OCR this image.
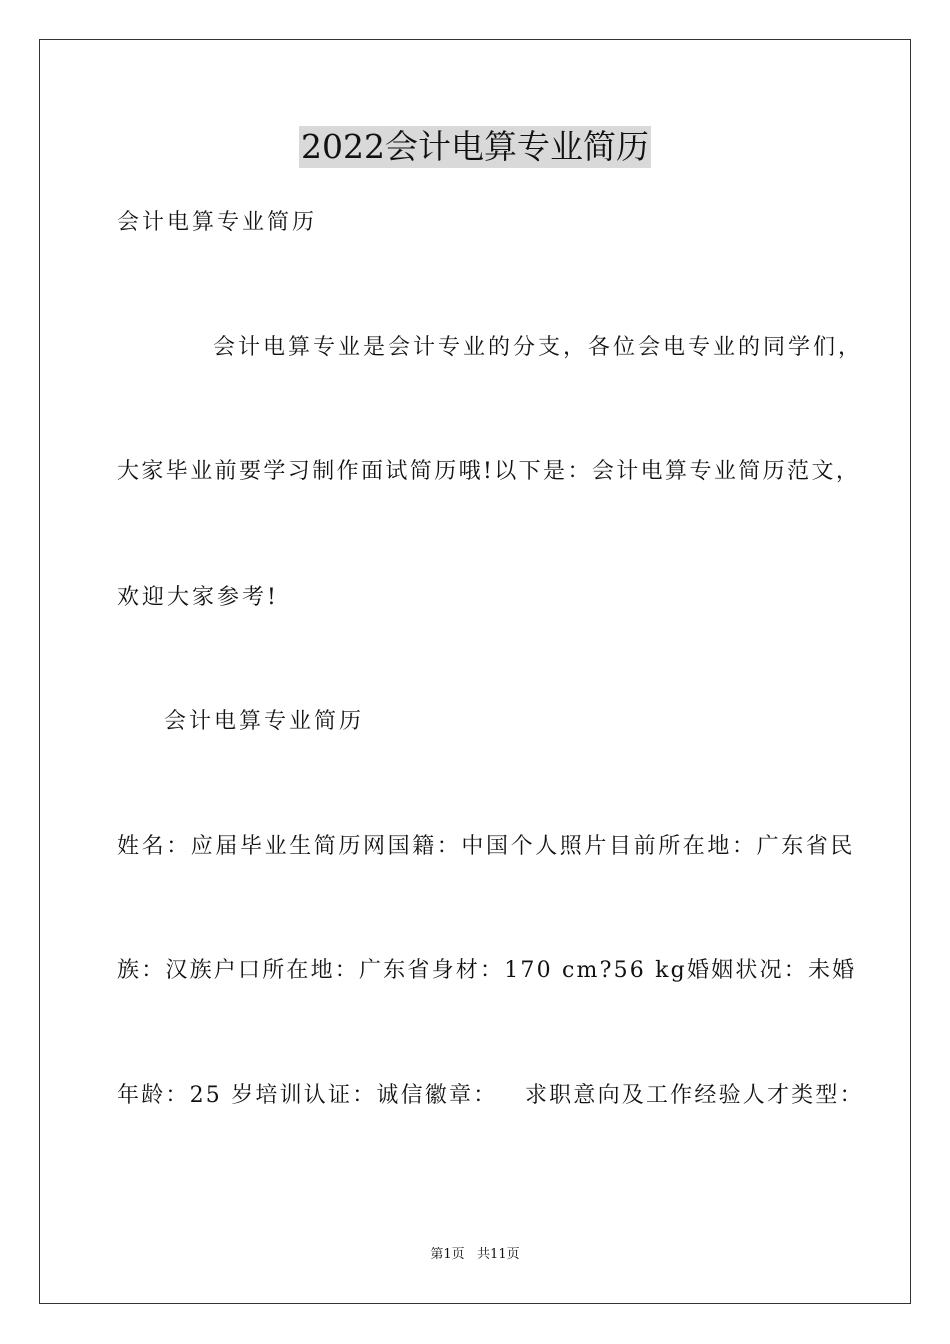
2022会计电算专业简历
会计电算专业简历
会计电算专业是会计专业的分支，各位会电专业的同学们，
大家毕业前要学习制作面试简历哦!以下是：会计电算专业简历范文，
欢迎大家参考!
会计电算专业简历
姓名：应届毕业生简历网国籍：中国个人照片目前所在地：广东省民
族：汉族户口所在地：广东省身材：170 cm?56 kg婚姻状况：未婚
年龄：25 岁培训认证：诚信徽章：   求职意向及工作经验人才类型：
第1页   共11页
